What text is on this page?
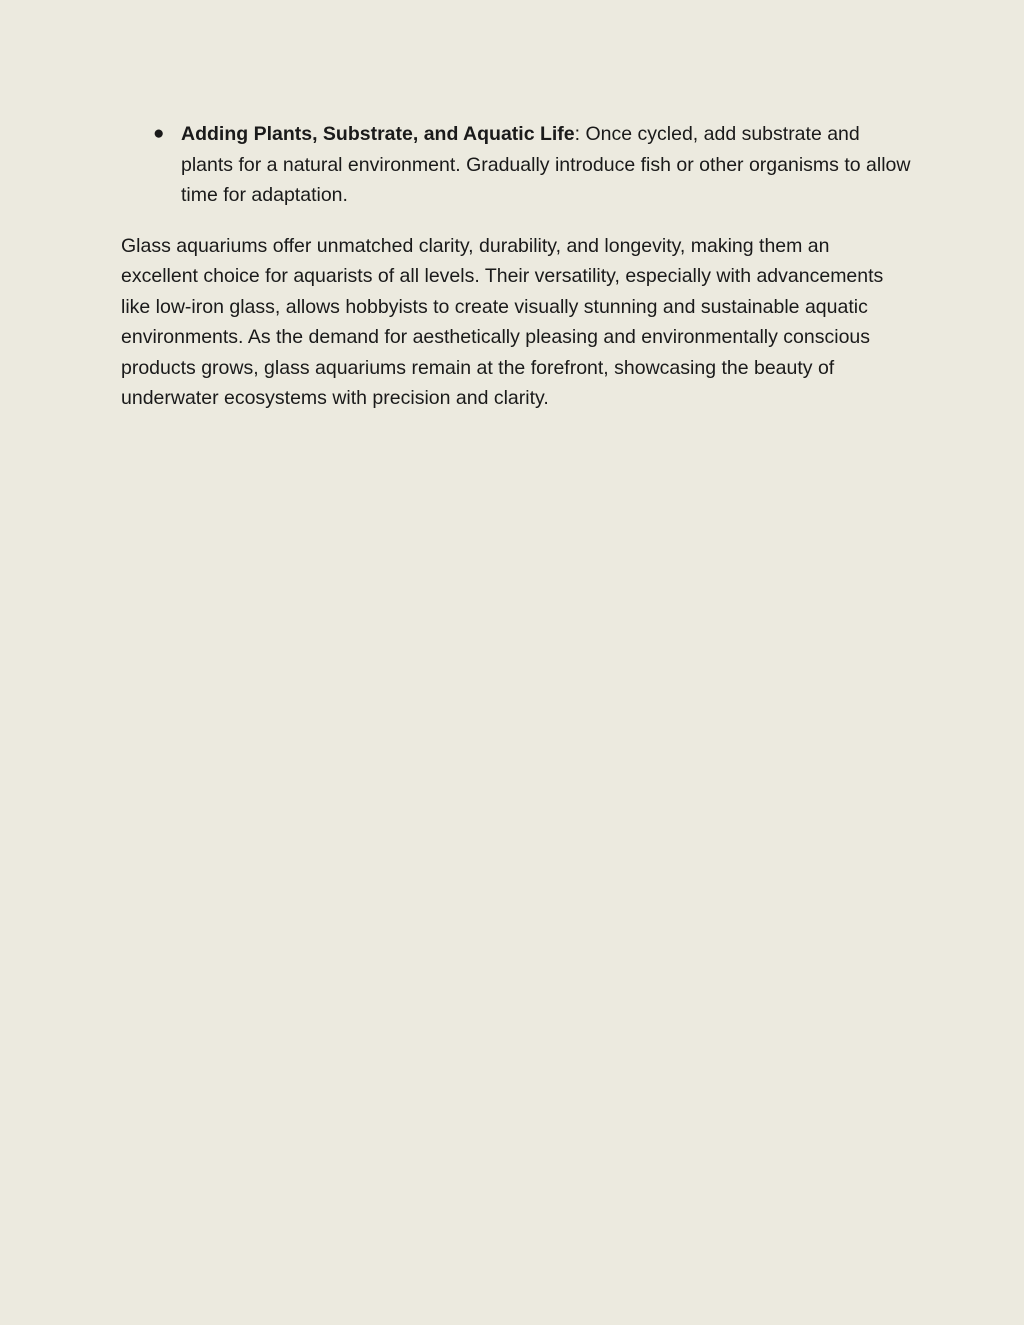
● Adding Plants, Substrate, and Aquatic Life: Once cycled, add substrate and plants for a natural environment. Gradually introduce fish or other organisms to allow time for adaptation.

Glass aquariums offer unmatched clarity, durability, and longevity, making them an excellent choice for aquarists of all levels. Their versatility, especially with advancements like low-iron glass, allows hobbyists to create visually stunning and sustainable aquatic environments. As the demand for aesthetically pleasing and environmentally conscious products grows, glass aquariums remain at the forefront, showcasing the beauty of underwater ecosystems with precision and clarity.
